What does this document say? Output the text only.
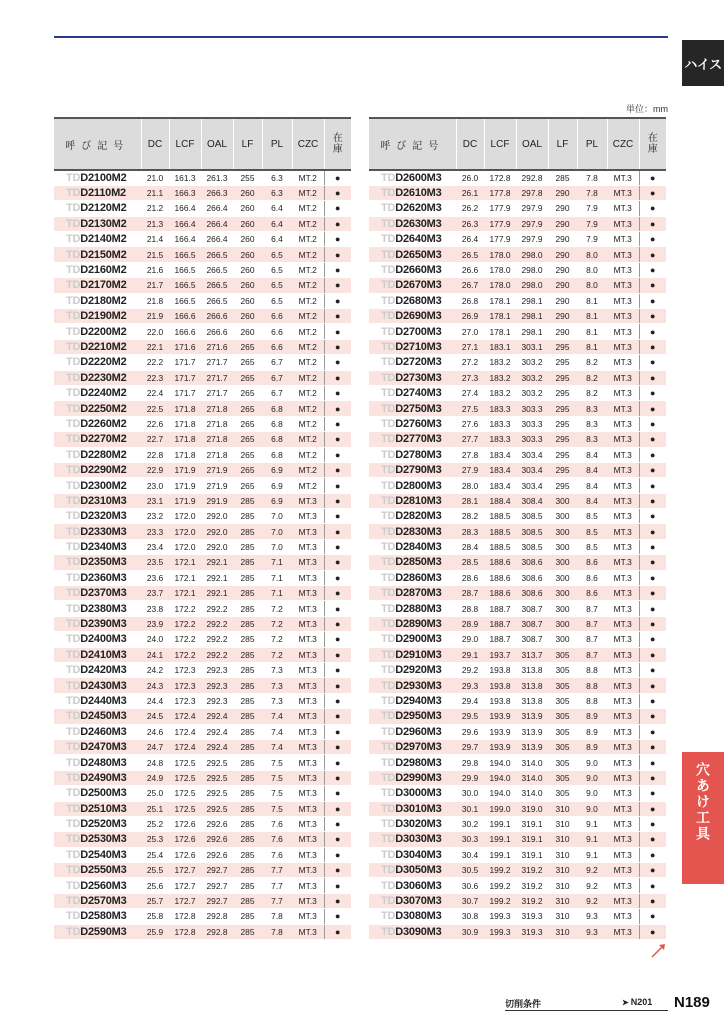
ハイス
単位：mm
呼び記号	DC	LCF	OAL	LF	PL	CZC	在
庫

TDD2100M2	21.0	161.3	261.3	255	6.3	MT.2	●
TDD2110M2	21.1	166.3	266.3	260	6.3	MT.2	●
TDD2120M2	21.2	166.4	266.4	260	6.4	MT.2	●
TDD2130M2	21.3	166.4	266.4	260	6.4	MT.2	●
TDD2140M2	21.4	166.4	266.4	260	6.4	MT.2	●
TDD2150M2	21.5	166.5	266.5	260	6.5	MT.2	●
TDD2160M2	21.6	166.5	266.5	260	6.5	MT.2	●
TDD2170M2	21.7	166.5	266.5	260	6.5	MT.2	●
TDD2180M2	21.8	166.5	266.5	260	6.5	MT.2	●
TDD2190M2	21.9	166.6	266.6	260	6.6	MT.2	●
TDD2200M2	22.0	166.6	266.6	260	6.6	MT.2	●
TDD2210M2	22.1	171.6	271.6	265	6.6	MT.2	●
TDD2220M2	22.2	171.7	271.7	265	6.7	MT.2	●
TDD2230M2	22.3	171.7	271.7	265	6.7	MT.2	●
TDD2240M2	22.4	171.7	271.7	265	6.7	MT.2	●
TDD2250M2	22.5	171.8	271.8	265	6.8	MT.2	●
TDD2260M2	22.6	171.8	271.8	265	6.8	MT.2	●
TDD2270M2	22.7	171.8	271.8	265	6.8	MT.2	●
TDD2280M2	22.8	171.8	271.8	265	6.8	MT.2	●
TDD2290M2	22.9	171.9	271.9	265	6.9	MT.2	●
TDD2300M2	23.0	171.9	271.9	265	6.9	MT.2	●
TDD2310M3	23.1	171.9	291.9	285	6.9	MT.3	●
TDD2320M3	23.2	172.0	292.0	285	7.0	MT.3	●
TDD2330M3	23.3	172.0	292.0	285	7.0	MT.3	●
TDD2340M3	23.4	172.0	292.0	285	7.0	MT.3	●
TDD2350M3	23.5	172.1	292.1	285	7.1	MT.3	●
TDD2360M3	23.6	172.1	292.1	285	7.1	MT.3	●
TDD2370M3	23.7	172.1	292.1	285	7.1	MT.3	●
TDD2380M3	23.8	172.2	292.2	285	7.2	MT.3	●
TDD2390M3	23.9	172.2	292.2	285	7.2	MT.3	●
TDD2400M3	24.0	172.2	292.2	285	7.2	MT.3	●
TDD2410M3	24.1	172.2	292.2	285	7.2	MT.3	●
TDD2420M3	24.2	172.3	292.3	285	7.3	MT.3	●
TDD2430M3	24.3	172.3	292.3	285	7.3	MT.3	●
TDD2440M3	24.4	172.3	292.3	285	7.3	MT.3	●
TDD2450M3	24.5	172.4	292.4	285	7.4	MT.3	●
TDD2460M3	24.6	172.4	292.4	285	7.4	MT.3	●
TDD2470M3	24.7	172.4	292.4	285	7.4	MT.3	●
TDD2480M3	24.8	172.5	292.5	285	7.5	MT.3	●
TDD2490M3	24.9	172.5	292.5	285	7.5	MT.3	●
TDD2500M3	25.0	172.5	292.5	285	7.5	MT.3	●
TDD2510M3	25.1	172.5	292.5	285	7.5	MT.3	●
TDD2520M3	25.2	172.6	292.6	285	7.6	MT.3	●
TDD2530M3	25.3	172.6	292.6	285	7.6	MT.3	●
TDD2540M3	25.4	172.6	292.6	285	7.6	MT.3	●
TDD2550M3	25.5	172.7	292.7	285	7.7	MT.3	●
TDD2560M3	25.6	172.7	292.7	285	7.7	MT.3	●
TDD2570M3	25.7	172.7	292.7	285	7.7	MT.3	●
TDD2580M3	25.8	172.8	292.8	285	7.8	MT.3	●
TDD2590M3	25.9	172.8	292.8	285	7.8	MT.3	●
呼び記号	DC	LCF	OAL	LF	PL	CZC	在
庫

TDD2600M3	26.0	172.8	292.8	285	7.8	MT.3	●
TDD2610M3	26.1	177.8	297.8	290	7.8	MT.3	●
TDD2620M3	26.2	177.9	297.9	290	7.9	MT.3	●
TDD2630M3	26.3	177.9	297.9	290	7.9	MT.3	●
TDD2640M3	26.4	177.9	297.9	290	7.9	MT.3	●
TDD2650M3	26.5	178.0	298.0	290	8.0	MT.3	●
TDD2660M3	26.6	178.0	298.0	290	8.0	MT.3	●
TDD2670M3	26.7	178.0	298.0	290	8.0	MT.3	●
TDD2680M3	26.8	178.1	298.1	290	8.1	MT.3	●
TDD2690M3	26.9	178.1	298.1	290	8.1	MT.3	●
TDD2700M3	27.0	178.1	298.1	290	8.1	MT.3	●
TDD2710M3	27.1	183.1	303.1	295	8.1	MT.3	●
TDD2720M3	27.2	183.2	303.2	295	8.2	MT.3	●
TDD2730M3	27.3	183.2	303.2	295	8.2	MT.3	●
TDD2740M3	27.4	183.2	303.2	295	8.2	MT.3	●
TDD2750M3	27.5	183.3	303.3	295	8.3	MT.3	●
TDD2760M3	27.6	183.3	303.3	295	8.3	MT.3	●
TDD2770M3	27.7	183.3	303.3	295	8.3	MT.3	●
TDD2780M3	27.8	183.4	303.4	295	8.4	MT.3	●
TDD2790M3	27.9	183.4	303.4	295	8.4	MT.3	●
TDD2800M3	28.0	183.4	303.4	295	8.4	MT.3	●
TDD2810M3	28.1	188.4	308.4	300	8.4	MT.3	●
TDD2820M3	28.2	188.5	308.5	300	8.5	MT.3	●
TDD2830M3	28.3	188.5	308.5	300	8.5	MT.3	●
TDD2840M3	28.4	188.5	308.5	300	8.5	MT.3	●
TDD2850M3	28.5	188.6	308.6	300	8.6	MT.3	●
TDD2860M3	28.6	188.6	308.6	300	8.6	MT.3	●
TDD2870M3	28.7	188.6	308.6	300	8.6	MT.3	●
TDD2880M3	28.8	188.7	308.7	300	8.7	MT.3	●
TDD2890M3	28.9	188.7	308.7	300	8.7	MT.3	●
TDD2900M3	29.0	188.7	308.7	300	8.7	MT.3	●
TDD2910M3	29.1	193.7	313.7	305	8.7	MT.3	●
TDD2920M3	29.2	193.8	313.8	305	8.8	MT.3	●
TDD2930M3	29.3	193.8	313.8	305	8.8	MT.3	●
TDD2940M3	29.4	193.8	313.8	305	8.8	MT.3	●
TDD2950M3	29.5	193.9	313.9	305	8.9	MT.3	●
TDD2960M3	29.6	193.9	313.9	305	8.9	MT.3	●
TDD2970M3	29.7	193.9	313.9	305	8.9	MT.3	●
TDD2980M3	29.8	194.0	314.0	305	9.0	MT.3	●
TDD2990M3	29.9	194.0	314.0	305	9.0	MT.3	●
TDD3000M3	30.0	194.0	314.0	305	9.0	MT.3	●
TDD3010M3	30.1	199.0	319.0	310	9.0	MT.3	●
TDD3020M3	30.2	199.1	319.1	310	9.1	MT.3	●
TDD3030M3	30.3	199.1	319.1	310	9.1	MT.3	●
TDD3040M3	30.4	199.1	319.1	310	9.1	MT.3	●
TDD3050M3	30.5	199.2	319.2	310	9.2	MT.3	●
TDD3060M3	30.6	199.2	319.2	310	9.2	MT.3	●
TDD3070M3	30.7	199.2	319.2	310	9.2	MT.3	●
TDD3080M3	30.8	199.3	319.3	310	9.3	MT.3	●
TDD3090M3	30.9	199.3	319.3	310	9.3	MT.3	●
穴あけ工具
切削条件	➤ N201 N189
